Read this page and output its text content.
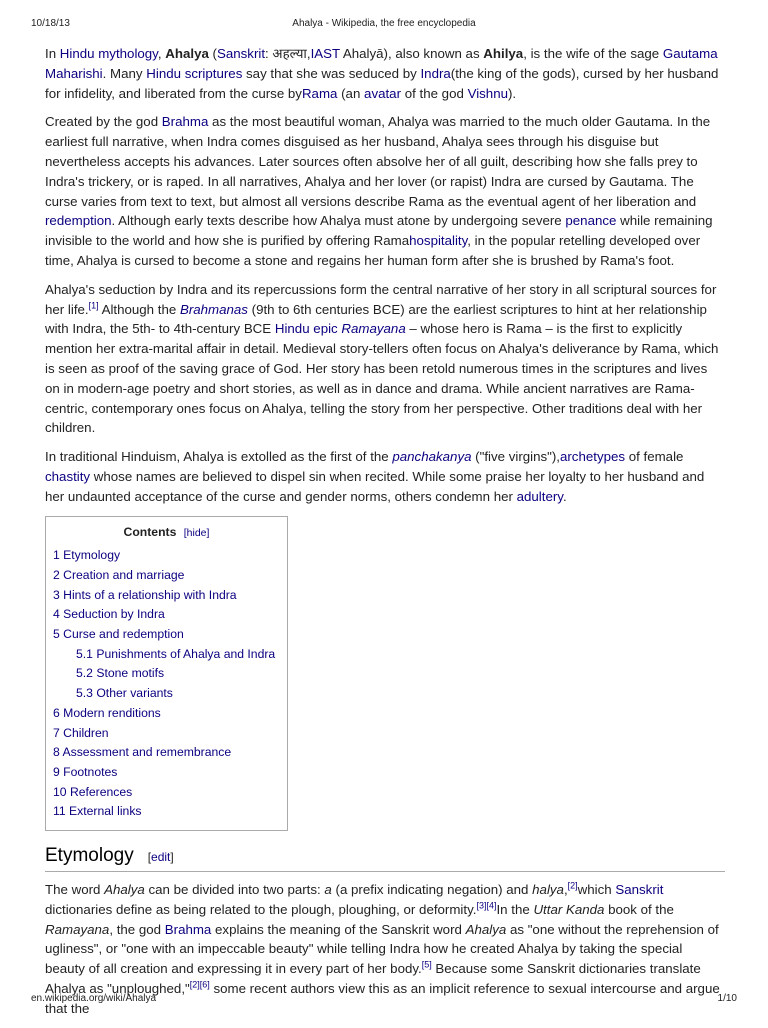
10/18/13	Ahalya - Wikipedia, the free encyclopedia

In Hindu mythology, Ahalya (Sanskrit: अहल्या,IAST Ahalyā), also known as Ahilya, is the wife of the sage Gautama Maharishi. Many Hindu scriptures say that she was seduced by Indra(the king of the gods), cursed by her husband for infidelity, and liberated from the curse byRama (an avatar of the god Vishnu).

Created by the god Brahma as the most beautiful woman, Ahalya was married to the much older Gautama. In the earliest full narrative, when Indra comes disguised as her husband, Ahalya sees through his disguise but nevertheless accepts his advances. Later sources often absolve her of all guilt, describing how she falls prey to Indra's trickery, or is raped. In all narratives, Ahalya and her lover (or rapist) Indra are cursed by Gautama. The curse varies from text to text, but almost all versions describe Rama as the eventual agent of her liberation and redemption. Although early texts describe how Ahalya must atone by undergoing severe penance while remaining invisible to the world and how she is purified by offering Ramahospitality, in the popular retelling developed over time, Ahalya is cursed to become a stone and regains her human form after she is brushed by Rama's foot.

Ahalya's seduction by Indra and its repercussions form the central narrative of her story in all scriptural sources for her life.[1] Although the Brahmanas (9th to 6th centuries BCE) are the earliest scriptures to hint at her relationship with Indra, the 5th- to 4th-century BCE Hindu epic Ramayana – whose hero is Rama – is the first to explicitly mention her extra-marital affair in detail. Medieval story-tellers often focus on Ahalya's deliverance by Rama, which is seen as proof of the saving grace of God. Her story has been retold numerous times in the scriptures and lives on in modern-age poetry and short stories, as well as in dance and drama. While ancient narratives are Rama-centric, contemporary ones focus on Ahalya, telling the story from her perspective. Other traditions deal with her children.

In traditional Hinduism, Ahalya is extolled as the first of the panchakanya ("five virgins"),archetypes of female chastity whose names are believed to dispel sin when recited. While some praise her loyalty to her husband and her undaunted acceptance of the curse and gender norms, others condemn her adultery.

Contents [hide]
1 Etymology
2 Creation and marriage
3 Hints of a relationship with Indra
4 Seduction by Indra
5 Curse and redemption
5.1 Punishments of Ahalya and Indra
5.2 Stone motifs
5.3 Other variants
6 Modern renditions
7 Children
8 Assessment and remembrance
9 Footnotes
10 References
11 External links
Etymology [edit]

The word Ahalya can be divided into two parts: a (a prefix indicating negation) and halya,[2]which Sanskrit dictionaries define as being related to the plough, ploughing, or deformity.[3][4]In the Uttar Kanda book of the Ramayana, the god Brahma explains the meaning of the Sanskrit word Ahalya as "one without the reprehension of ugliness", or "one with an impeccable beauty" while telling Indra how he created Ahalya by taking the special beauty of all creation and expressing it in every part of her body.[5] Because some Sanskrit dictionaries translate Ahalya as "unploughed,"[2][6] some recent authors view this as an implicit reference to sexual intercourse and argue that the

en.wikipedia.org/wiki/Ahalya	1/10
